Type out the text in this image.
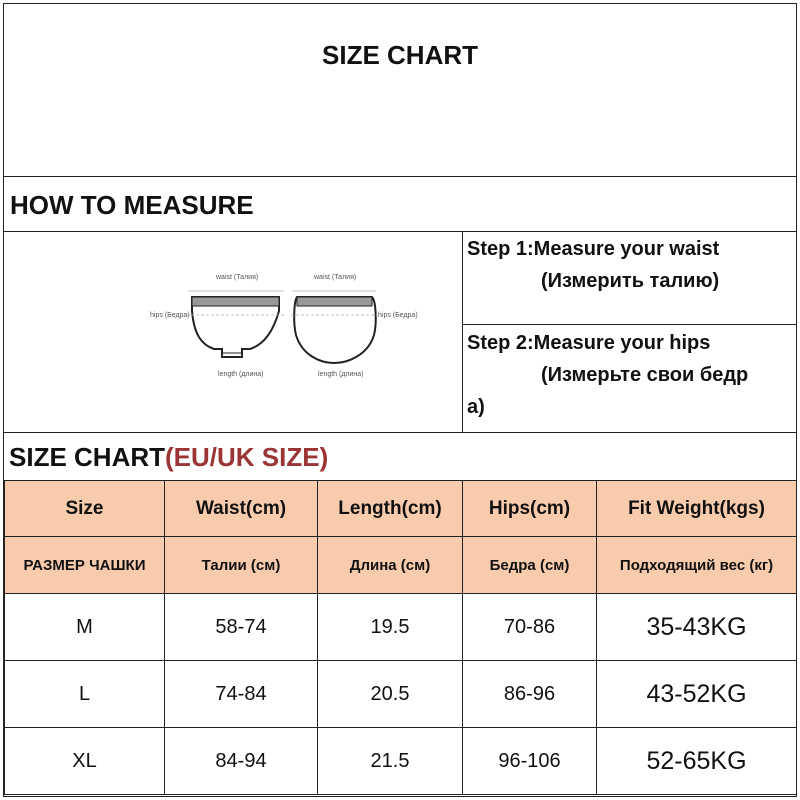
SIZE CHART
HOW TO MEASURE
waist (Талия)	waist (Талия)
hips (Бедра)	hips (Бедра)
length (длина)	length (длина)
Step 1:Measure your waist
(Измерить талию)
Step 2:Measure your hips
(Измерьте свои бедр
а)
SIZE CHART(EU/UK SIZE)
Size	Waist(cm)	Length(cm)	Hips(cm)	Fit Weight(kgs)
РАЗМЕР ЧАШКИ	Талии (см)	Длина (см)	Бедра (см)	Подходящий вес (кг)
M	58-74	19.5	70-86	35-43KG
L	74-84	20.5	86-96	43-52KG
XL	84-94	21.5	96-106	52-65KG
